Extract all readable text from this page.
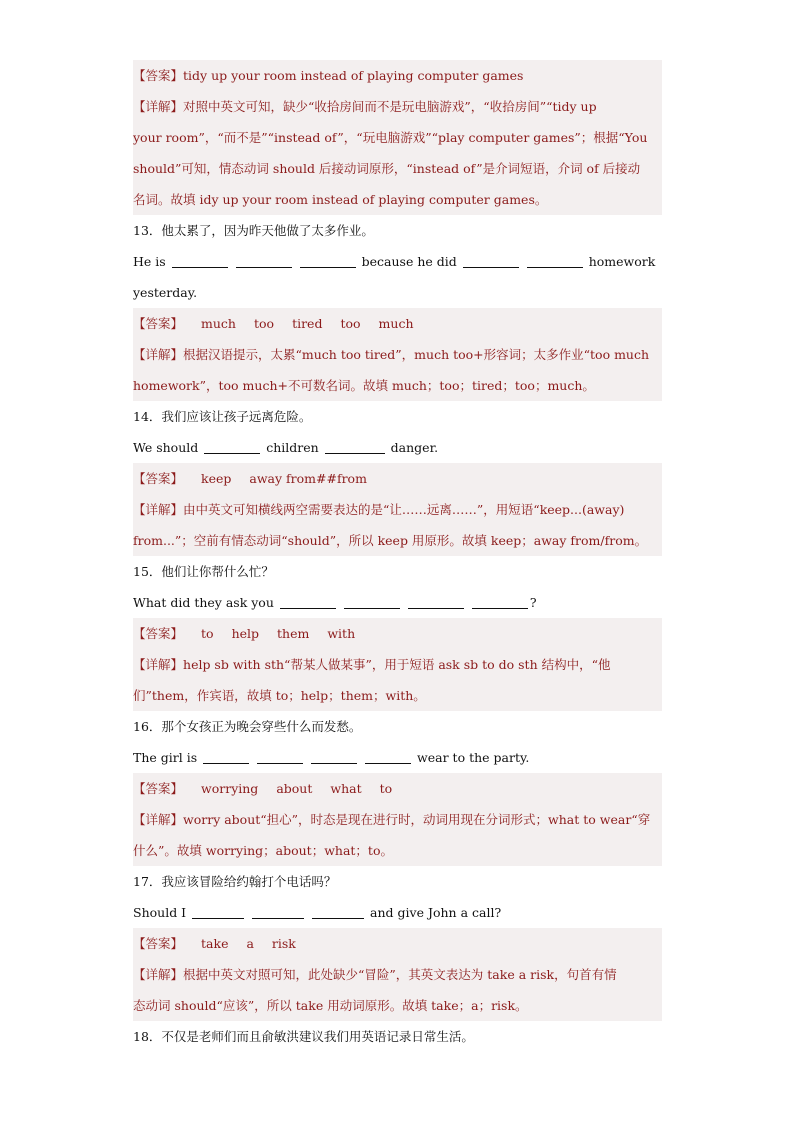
【答案】tidy up your room instead of playing computer games
【详解】对照中英文可知，缺少“收拾房间而不是玩电脑游戏”，“收拾房间”“tidy up
your room”，“而不是”“instead of”，“玩电脑游戏”“play computer games”；根据“You
should”可知，情态动词 should 后接动词原形，“instead of”是介词短语，介词 of 后接动
名词。故填 idy up your room instead of playing computer games。
13．他太累了，因为昨天他做了太多作业。
He is	because he did	homework
yesterday.
【答案】 much too tired too much
【详解】根据汉语提示，太累“much too tired”，much too+形容词；太多作业“too much
homework”，too much+不可数名词。故填 much；too；tired；too；much。
14．我们应该让孩子远离危险。
We should	children	danger.
【答案】 keep away from##from
【详解】由中英文可知横线两空需要表达的是“让……远离……”，用短语“keep...(away)
from...”；空前有情态动词“should”，所以 keep 用原形。故填 keep；away from/from。
15．他们让你帮什么忙？
What did they ask you	?
【答案】 to help them with
【详解】help sb with sth“帮某人做某事”，用于短语 ask sb to do sth 结构中，“他
们”them，作宾语，故填 to；help；them；with。
16．那个女孩正为晚会穿些什么而发愁。
The girl is	wear to the party.
【答案】 worrying about what to
【详解】worry about“担心”，时态是现在进行时，动词用现在分词形式；what to wear“穿
什么”。故填 worrying；about；what；to。
17．我应该冒险给约翰打个电话吗？
Should I	and give John a call?
【答案】 take a risk
【详解】根据中英文对照可知，此处缺少“冒险”，其英文表达为 take a risk，句首有情
态动词 should“应该”，所以 take 用动词原形。故填 take；a；risk。
18．不仅是老师们而且俞敏洪建议我们用英语记录日常生活。
